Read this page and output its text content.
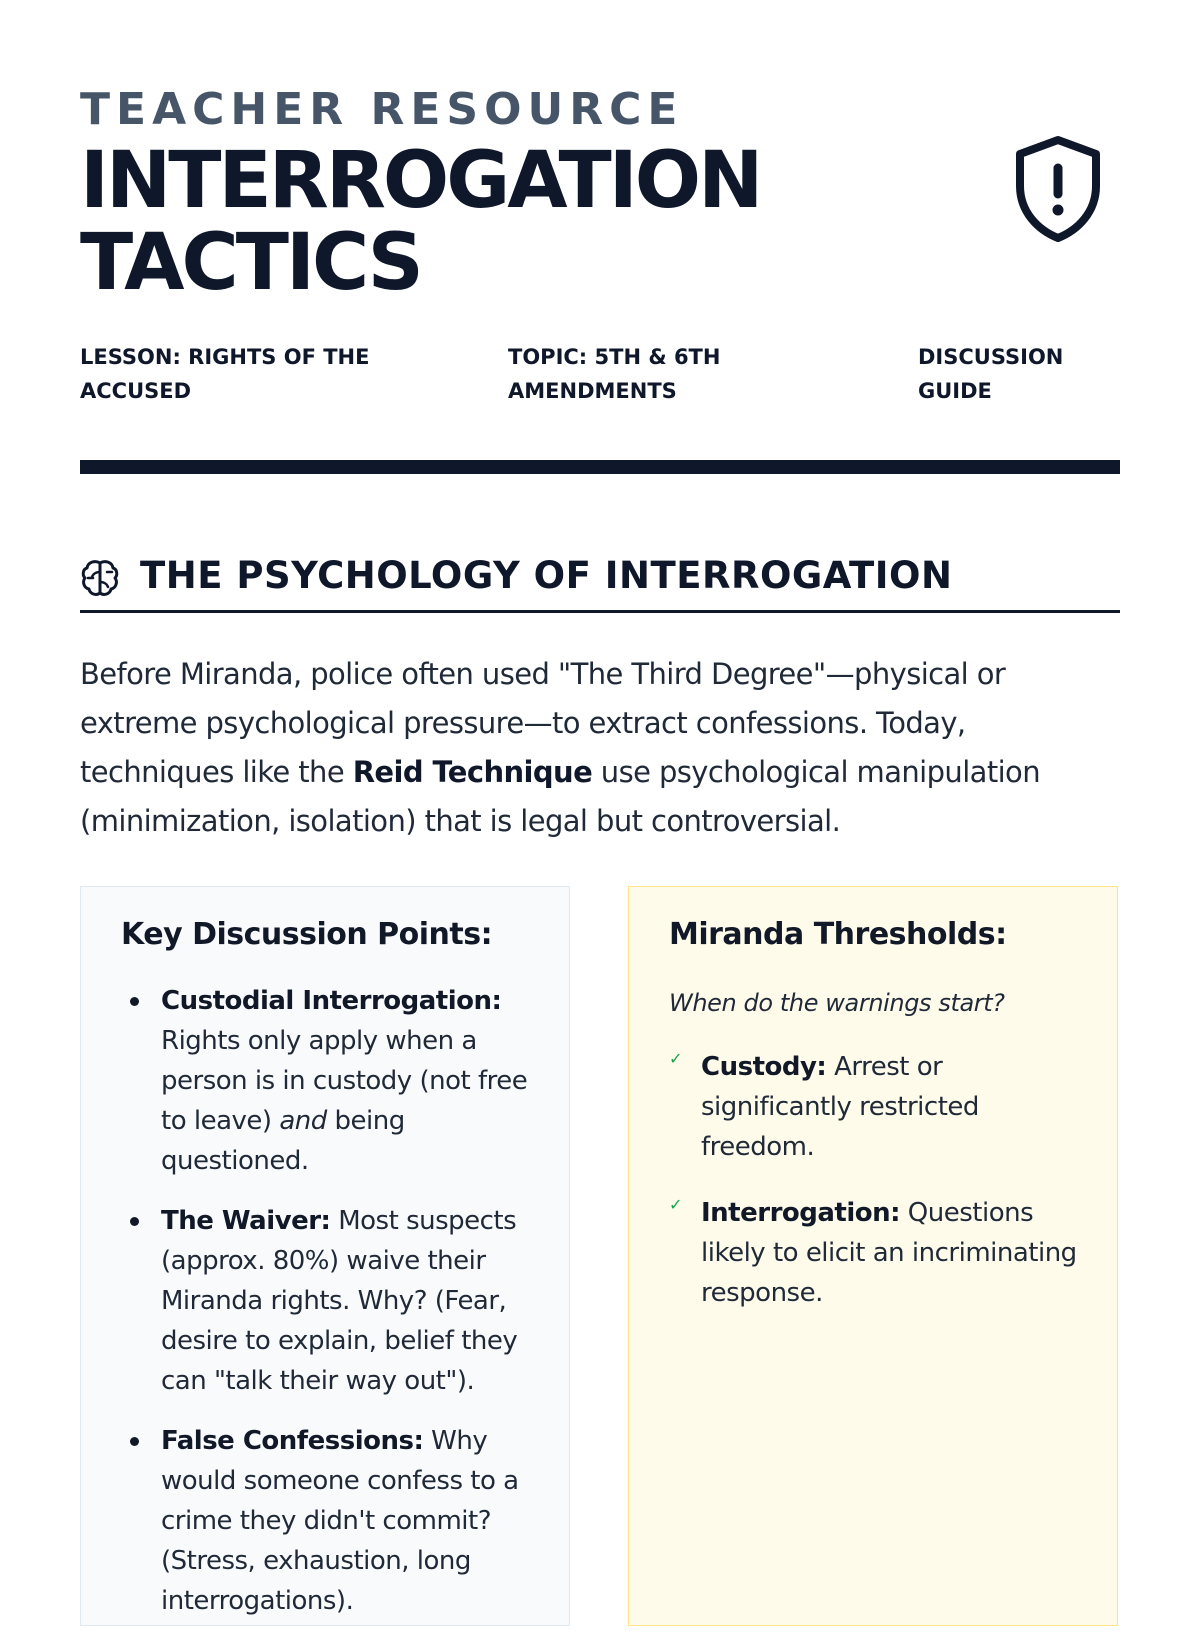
TEACHER RESOURCE
INTERROGATION TACTICS
LESSON: RIGHTS OF THE ACCUSED
TOPIC: 5TH & 6TH AMENDMENTS
DISCUSSION GUIDE
THE PSYCHOLOGY OF INTERROGATION

Before Miranda, police often used "The Third Degree"—physical or extreme psychological pressure—to extract confessions. Today, techniques like the Reid Technique use psychological manipulation (minimization, isolation) that is legal but controversial.

Key Discussion Points:
Custodial Interrogation: Rights only apply when a person is in custody (not free to leave) and being questioned.
The Waiver: Most suspects (approx. 80%) waive their Miranda rights. Why? (Fear, desire to explain, belief they can "talk their way out").
False Confessions: Why would someone confess to a crime they didn't commit? (Stress, exhaustion, long interrogations).
Miranda Thresholds:

When do the warnings start?

✓ Custody: Arrest or significantly restricted freedom.
✓ Interrogation: Questions likely to elicit an incriminating response.
